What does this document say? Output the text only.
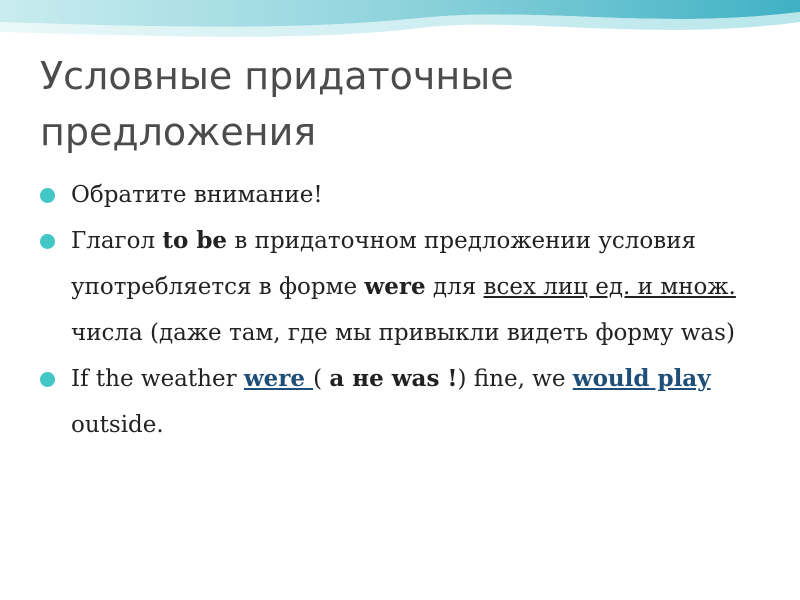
Условные придаточные предложения
Обратите внимание!
Глагол to be в придаточном предложении условия употребляется в форме were для всех лиц ед. и множ. числа (даже там, где мы привыкли видеть форму was)
If the weather were ( а не was !) fine, we would play outside.
